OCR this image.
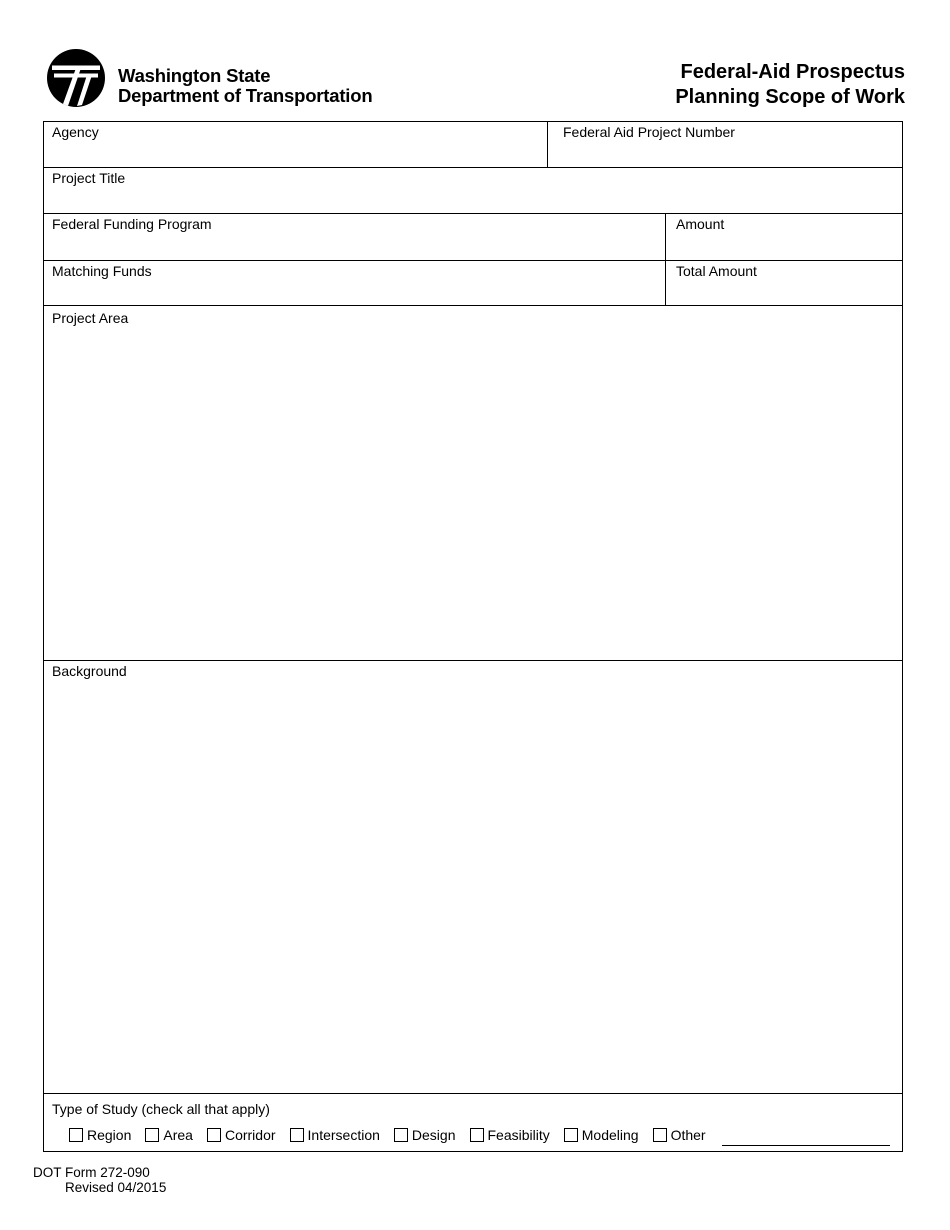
Washington State
Department of Transportation
Federal-Aid Prospectus
Planning Scope of Work
Agency	Federal Aid Project Number
Project Title
Federal Funding Program	Amount
Matching Funds	Total Amount
Project Area
Background
Type of Study (check all that apply)
Region Area Corridor Intersection Design Feasibility Modeling Other
DOT Form 272-090
Revised 04/2015
